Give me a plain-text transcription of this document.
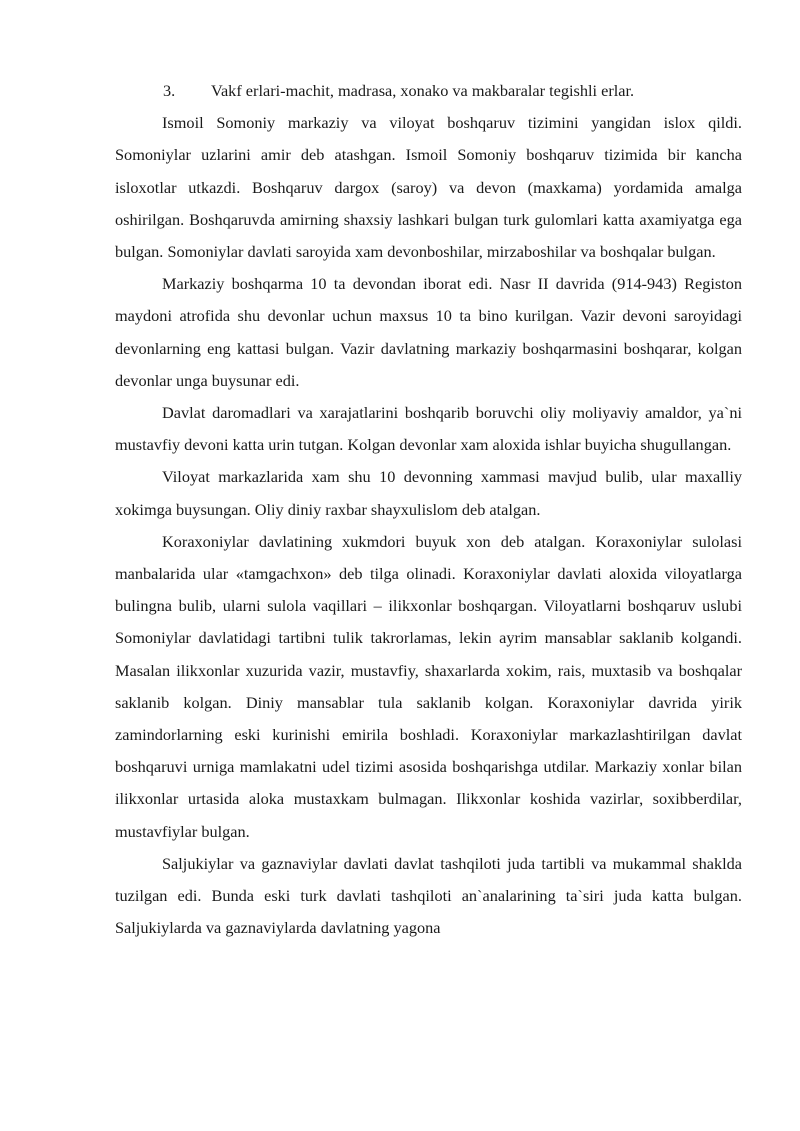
3.	Vakf erlari-machit, madrasa, xonako va makbaralar tegishli erlar.

Ismoil Somoniy markaziy va viloyat boshqaruv tizimini yangidan islox qildi. Somoniylar uzlarini amir deb atashgan. Ismoil Somoniy boshqaruv tizimida bir kancha isloxotlar utkazdi. Boshqaruv dargox (saroy) va devon (maxkama) yordamida amalga oshirilgan. Boshqaruvda amirning shaxsiy lashkari bulgan turk gulomlari katta axamiyatga ega bulgan. Somoniylar davlati saroyida xam devonboshilar, mirzaboshilar va boshqalar bulgan.

Markaziy boshqarma 10 ta devondan iborat edi. Nasr II davrida (914-943) Registon maydoni atrofida shu devonlar uchun maxsus 10 ta bino kurilgan. Vazir devoni saroyidagi devonlarning eng kattasi bulgan. Vazir davlatning markaziy boshqarmasini boshqarar, kolgan devonlar unga buysunar edi.

Davlat daromadlari va xarajatlarini boshqarib boruvchi oliy moliyaviy amaldor, ya`ni mustavfiy devoni katta urin tutgan. Kolgan devonlar xam aloxida ishlar buyicha shugullangan.

Viloyat markazlarida xam shu 10 devonning xammasi mavjud bulib, ular maxalliy xokimga buysungan. Oliy diniy raxbar shayxulislom deb atalgan.

Koraxoniylar davlatining xukmdori buyuk xon deb atalgan. Koraxoniylar sulolasi manbalarida ular «tamgachxon» deb tilga olinadi. Koraxoniylar davlati aloxida viloyatlarga bulingna bulib, ularni sulola vaqillari – ilikxonlar boshqargan. Viloyatlarni boshqaruv uslubi Somoniylar davlatidagi tartibni tulik takrorlamas, lekin ayrim mansablar saklanib kolgandi. Masalan ilikxonlar xuzurida vazir, mustavfiy, shaxarlarda xokim, rais, muxtasib va boshqalar saklanib kolgan. Diniy mansablar tula saklanib kolgan. Koraxoniylar davrida yirik zamindorlarning eski kurinishi emirila boshladi. Koraxoniylar markazlashtirilgan davlat boshqaruvi urniga mamlakatni udel tizimi asosida boshqarishga utdilar. Markaziy xonlar bilan ilikxonlar urtasida aloka mustaxkam bulmagan. Ilikxonlar koshida vazirlar, soxibberdilar, mustavfiylar bulgan.

Saljukiylar va gaznaviylar davlati davlat tashqiloti juda tartibli va mukammal shaklda tuzilgan edi. Bunda eski turk davlati tashqiloti an`analarining ta`siri juda katta bulgan. Saljukiylarda va gaznaviylarda davlatning yagona
